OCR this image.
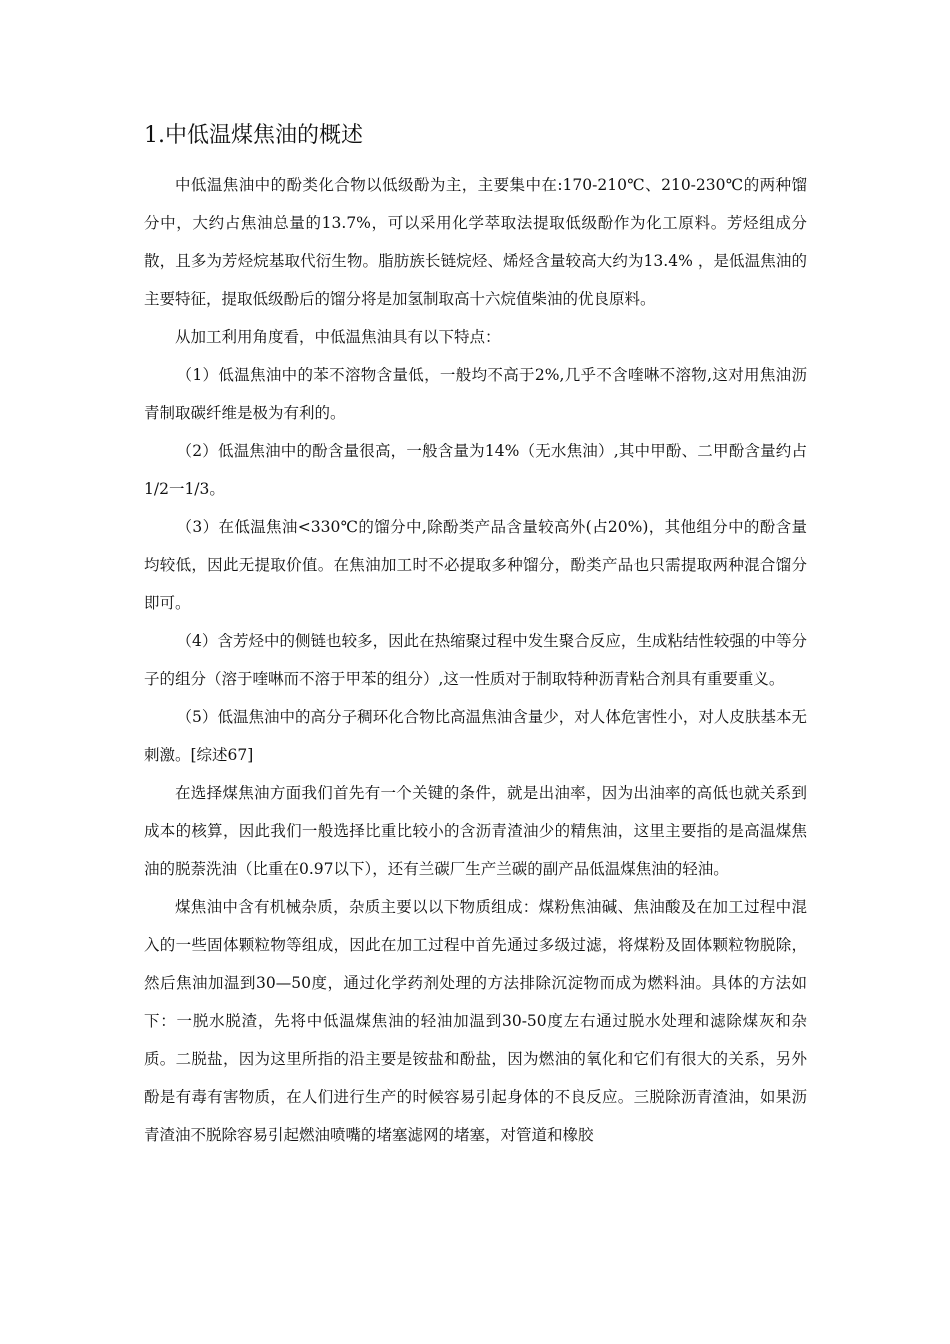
1.中低温煤焦油的概述

中低温焦油中的酚类化合物以低级酚为主，主要集中在:170-210℃、210-230℃的两种馏分中，大约占焦油总量的13.7%，可以采用化学萃取法提取低级酚作为化工原料。芳烃组成分散，且多为芳烃烷基取代衍生物。脂肪族长链烷烃、烯烃含量较高大约为13.4% ，是低温焦油的主要特征，提取低级酚后的馏分将是加氢制取高十六烷值柴油的优良原料。

从加工利用角度看，中低温焦油具有以下特点：

（1）低温焦油中的苯不溶物含量低，一般均不高于2%,几乎不含喹啉不溶物,这对用焦油沥青制取碳纤维是极为有利的。

（2）低温焦油中的酚含量很高，一般含量为14%（无水焦油）,其中甲酚、二甲酚含量约占1/2一1/3。

（3）在低温焦油<330℃的馏分中,除酚类产品含量较高外(占20%)，其他组分中的酚含量均较低，因此无提取价值。在焦油加工时不必提取多种馏分，酚类产品也只需提取两种混合馏分即可。

（4）含芳烃中的侧链也较多，因此在热缩聚过程中发生聚合反应，生成粘结性较强的中等分子的组分（溶于喹啉而不溶于甲苯的组分）,这一性质对于制取特种沥青粘合剂具有重要重义。

（5）低温焦油中的高分子稠环化合物比高温焦油含量少，对人体危害性小，对人皮肤基本无刺激。[综述67]

在选择煤焦油方面我们首先有一个关键的条件，就是出油率，因为出油率的高低也就关系到成本的核算，因此我们一般选择比重比较小的含沥青渣油少的精焦油，这里主要指的是高温煤焦油的脱萘洗油（比重在0.97以下），还有兰碳厂生产兰碳的副产品低温煤焦油的轻油。

煤焦油中含有机械杂质，杂质主要以以下物质组成：煤粉焦油碱、焦油酸及在加工过程中混入的一些固体颗粒物等组成，因此在加工过程中首先通过多级过滤，将煤粉及固体颗粒物脱除，然后焦油加温到30—50度，通过化学药剂处理的方法排除沉淀物而成为燃料油。具体的方法如下：一脱水脱渣，先将中低温煤焦油的轻油加温到30-50度左右通过脱水处理和滤除煤灰和杂质。二脱盐，因为这里所指的沿主要是铵盐和酚盐，因为燃油的氧化和它们有很大的关系，另外酚是有毒有害物质，在人们进行生产的时候容易引起身体的不良反应。三脱除沥青渣油，如果沥青渣油不脱除容易引起燃油喷嘴的堵塞滤网的堵塞，对管道和橡胶
